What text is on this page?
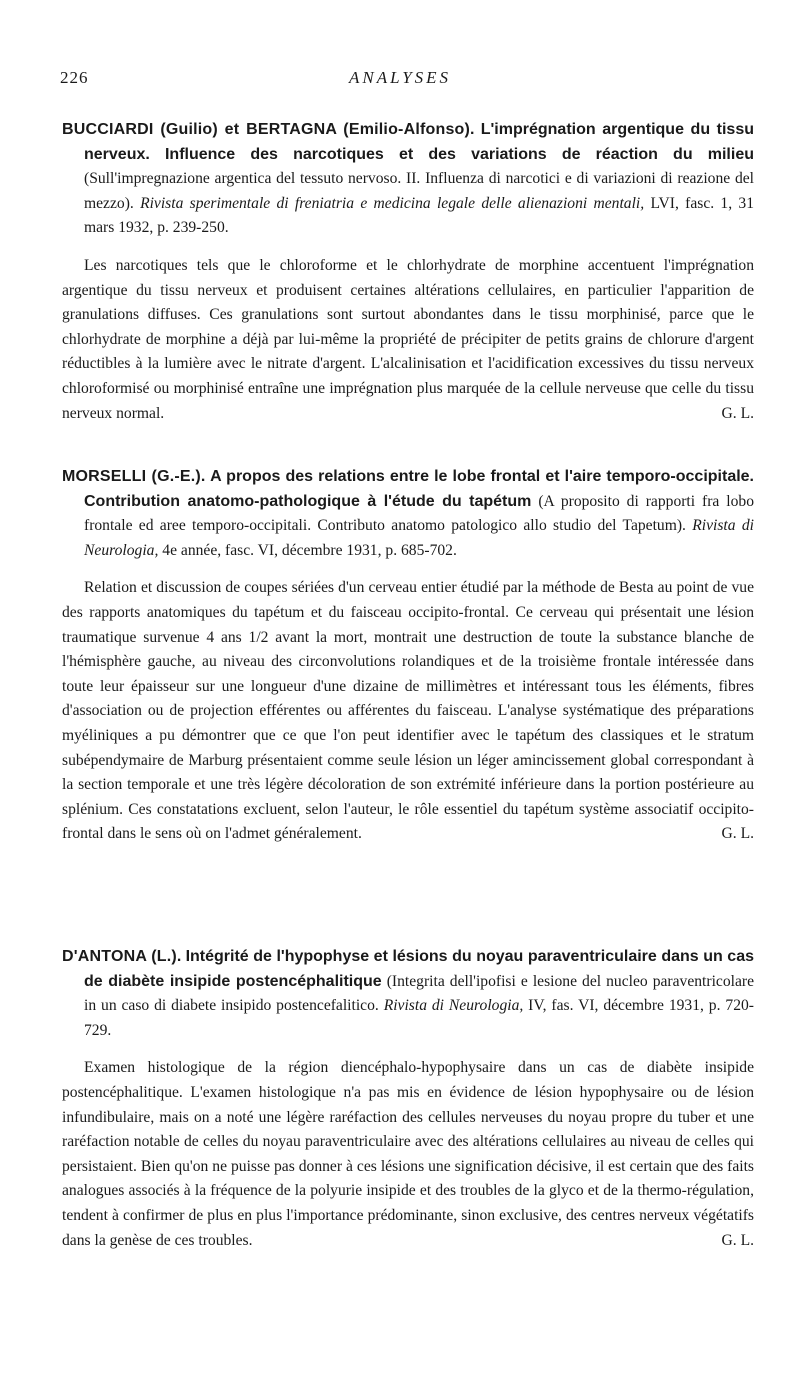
226	ANALYSES

BUCCIARDI (Guilio) et BERTAGNA (Emilio-Alfonso). L'imprégnation argentique du tissu nerveux. Influence des narcotiques et des variations de réaction du milieu (Sull'impregnazione argentica del tessuto nervoso. II. Influenza di narcotici e di variazioni di reazione del mezzo). Rivista sperimentale di freniatria e medicina legale delle alienazioni mentali, LVI, fasc. 1, 31 mars 1932, p. 239-250.

Les narcotiques tels que le chloroforme et le chlorhydrate de morphine accentuent l'imprégnation argentique du tissu nerveux et produisent certaines altérations cellulaires, en particulier l'apparition de granulations diffuses. Ces granulations sont surtout abondantes dans le tissu morphinisé, parce que le chlorhydrate de morphine a déjà par lui-même la propriété de précipiter de petits grains de chlorure d'argent réductibles à la lumière avec le nitrate d'argent. L'alcalinisation et l'acidification excessives du tissu nerveux chloroformisé ou morphinisé entraîne une imprégnation plus marquée de la cellule nerveuse que celle du tissu nerveux normal.	G. L.

MORSELLI (G.-E.). A propos des relations entre le lobe frontal et l'aire temporo-occipitale. Contribution anatomo-pathologique à l'étude du tapétum (A proposito di rapporti fra lobo frontale ed aree temporo-occipitali. Contributo anatomo patologico allo studio del Tapetum). Rivista di Neurologia, 4e année, fasc. VI, décembre 1931, p. 685-702.

Relation et discussion de coupes sériées d'un cerveau entier étudié par la méthode de Besta au point de vue des rapports anatomiques du tapétum et du faisceau occipito-frontal. Ce cerveau qui présentait une lésion traumatique survenue 4 ans 1/2 avant la mort, montrait une destruction de toute la substance blanche de l'hémisphère gauche, au niveau des circonvolutions rolandiques et de la troisième frontale intéressée dans toute leur épaisseur sur une longueur d'une dizaine de millimètres et intéressant tous les éléments, fibres d'association ou de projection efférentes ou afférentes du faisceau. L'analyse systématique des préparations myéliniques a pu démontrer que ce que l'on peut identifier avec le tapétum des classiques et le stratum subépendymaire de Marburg présentaient comme seule lésion un léger amincissement global correspondant à la section temporale et une très légère décoloration de son extrémité inférieure dans la portion postérieure au splénium. Ces constatations excluent, selon l'auteur, le rôle essentiel du tapétum système associatif occipito-frontal dans le sens où on l'admet généralement.	G. L.

D'ANTONA (L.). Intégrité de l'hypophyse et lésions du noyau paraventriculaire dans un cas de diabète insipide postencéphalitique (Integrita dell'ipofisi e lesione del nucleo paraventricolare in un caso di diabete insipido postencefalitico. Rivista di Neurologia, IV, fas. VI, décembre 1931, p. 720-729.

Examen histologique de la région diencéphalo-hypophysaire dans un cas de diabète insipide postencéphalitique. L'examen histologique n'a pas mis en évidence de lésion hypophysaire ou de lésion infundibulaire, mais on a noté une légère raréfaction des cellules nerveuses du noyau propre du tuber et une raréfaction notable de celles du noyau paraventriculaire avec des altérations cellulaires au niveau de celles qui persistaient. Bien qu'on ne puisse pas donner à ces lésions une signification décisive, il est certain que des faits analogues associés à la fréquence de la polyurie insipide et des troubles de la glyco et de la thermo-régulation, tendent à confirmer de plus en plus l'importance prédominante, sinon exclusive, des centres nerveux végétatifs dans la genèse de ces troubles.	G. L.
